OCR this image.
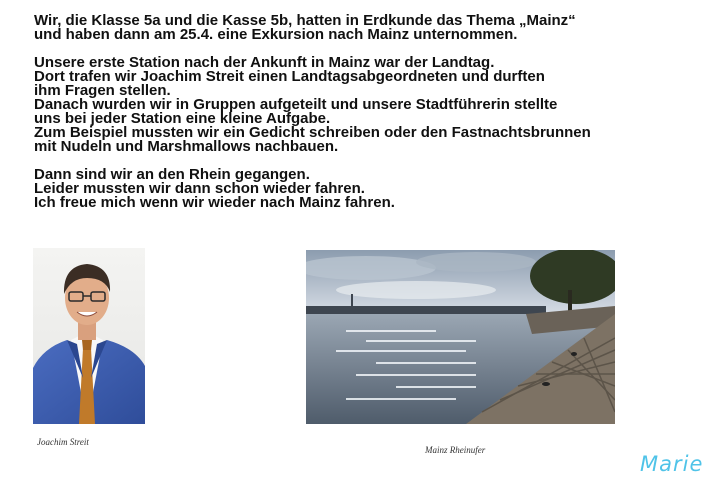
Wir, die Klasse 5a und die Kasse 5b, hatten in Erdkunde das Thema „Mainz“

und haben dann am 25.4. eine Exkursion nach Mainz unternommen.

Unsere erste Station nach der Ankunft in Mainz war der Landtag.

Dort trafen wir Joachim Streit einen Landtagsabgeordneten und durften

ihm Fragen stellen.

Danach wurden wir in Gruppen aufgeteilt und unsere Stadtführerin stellte

uns bei jeder Station eine kleine Aufgabe.

Zum Beispiel mussten wir ein Gedicht schreiben oder den Fastnachtsbrunnen

mit Nudeln und Marshmallows nachbauen.

Dann sind wir an den Rhein gegangen.

Leider mussten wir dann schon wieder fahren.

Ich freue mich wenn wir wieder nach Mainz fahren.

Joachim Streit
Mainz Rheinufer
Marie
